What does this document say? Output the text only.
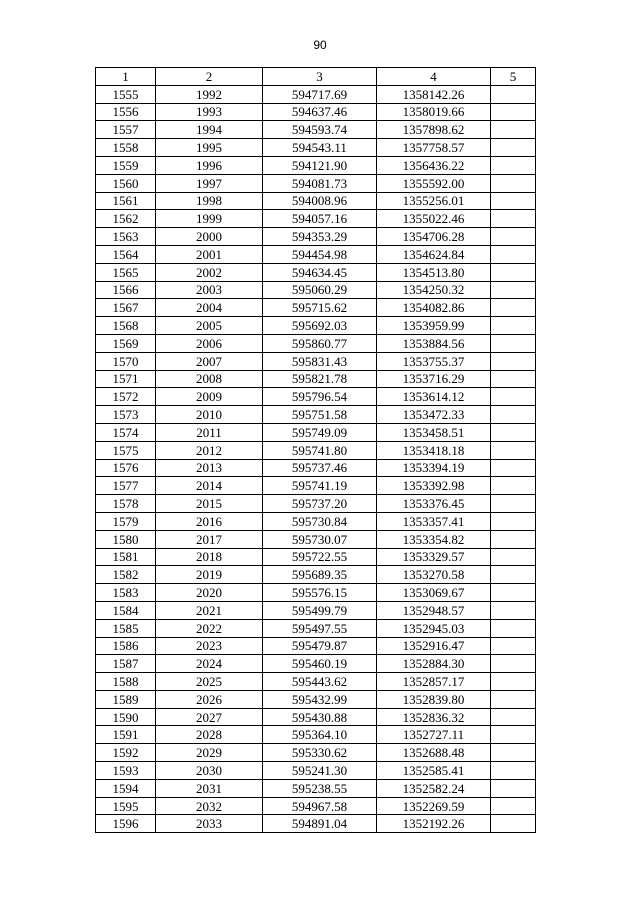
90
1	2	3	4	5
1555	1992	594717.69	1358142.26	
1556	1993	594637.46	1358019.66	
1557	1994	594593.74	1357898.62	
1558	1995	594543.11	1357758.57	
1559	1996	594121.90	1356436.22	
1560	1997	594081.73	1355592.00	
1561	1998	594008.96	1355256.01	
1562	1999	594057.16	1355022.46	
1563	2000	594353.29	1354706.28	
1564	2001	594454.98	1354624.84	
1565	2002	594634.45	1354513.80	
1566	2003	595060.29	1354250.32	
1567	2004	595715.62	1354082.86	
1568	2005	595692.03	1353959.99	
1569	2006	595860.77	1353884.56	
1570	2007	595831.43	1353755.37	
1571	2008	595821.78	1353716.29	
1572	2009	595796.54	1353614.12	
1573	2010	595751.58	1353472.33	
1574	2011	595749.09	1353458.51	
1575	2012	595741.80	1353418.18	
1576	2013	595737.46	1353394.19	
1577	2014	595741.19	1353392.98	
1578	2015	595737.20	1353376.45	
1579	2016	595730.84	1353357.41	
1580	2017	595730.07	1353354.82	
1581	2018	595722.55	1353329.57	
1582	2019	595689.35	1353270.58	
1583	2020	595576.15	1353069.67	
1584	2021	595499.79	1352948.57	
1585	2022	595497.55	1352945.03	
1586	2023	595479.87	1352916.47	
1587	2024	595460.19	1352884.30	
1588	2025	595443.62	1352857.17	
1589	2026	595432.99	1352839.80	
1590	2027	595430.88	1352836.32	
1591	2028	595364.10	1352727.11	
1592	2029	595330.62	1352688.48	
1593	2030	595241.30	1352585.41	
1594	2031	595238.55	1352582.24	
1595	2032	594967.58	1352269.59	
1596	2033	594891.04	1352192.26	
